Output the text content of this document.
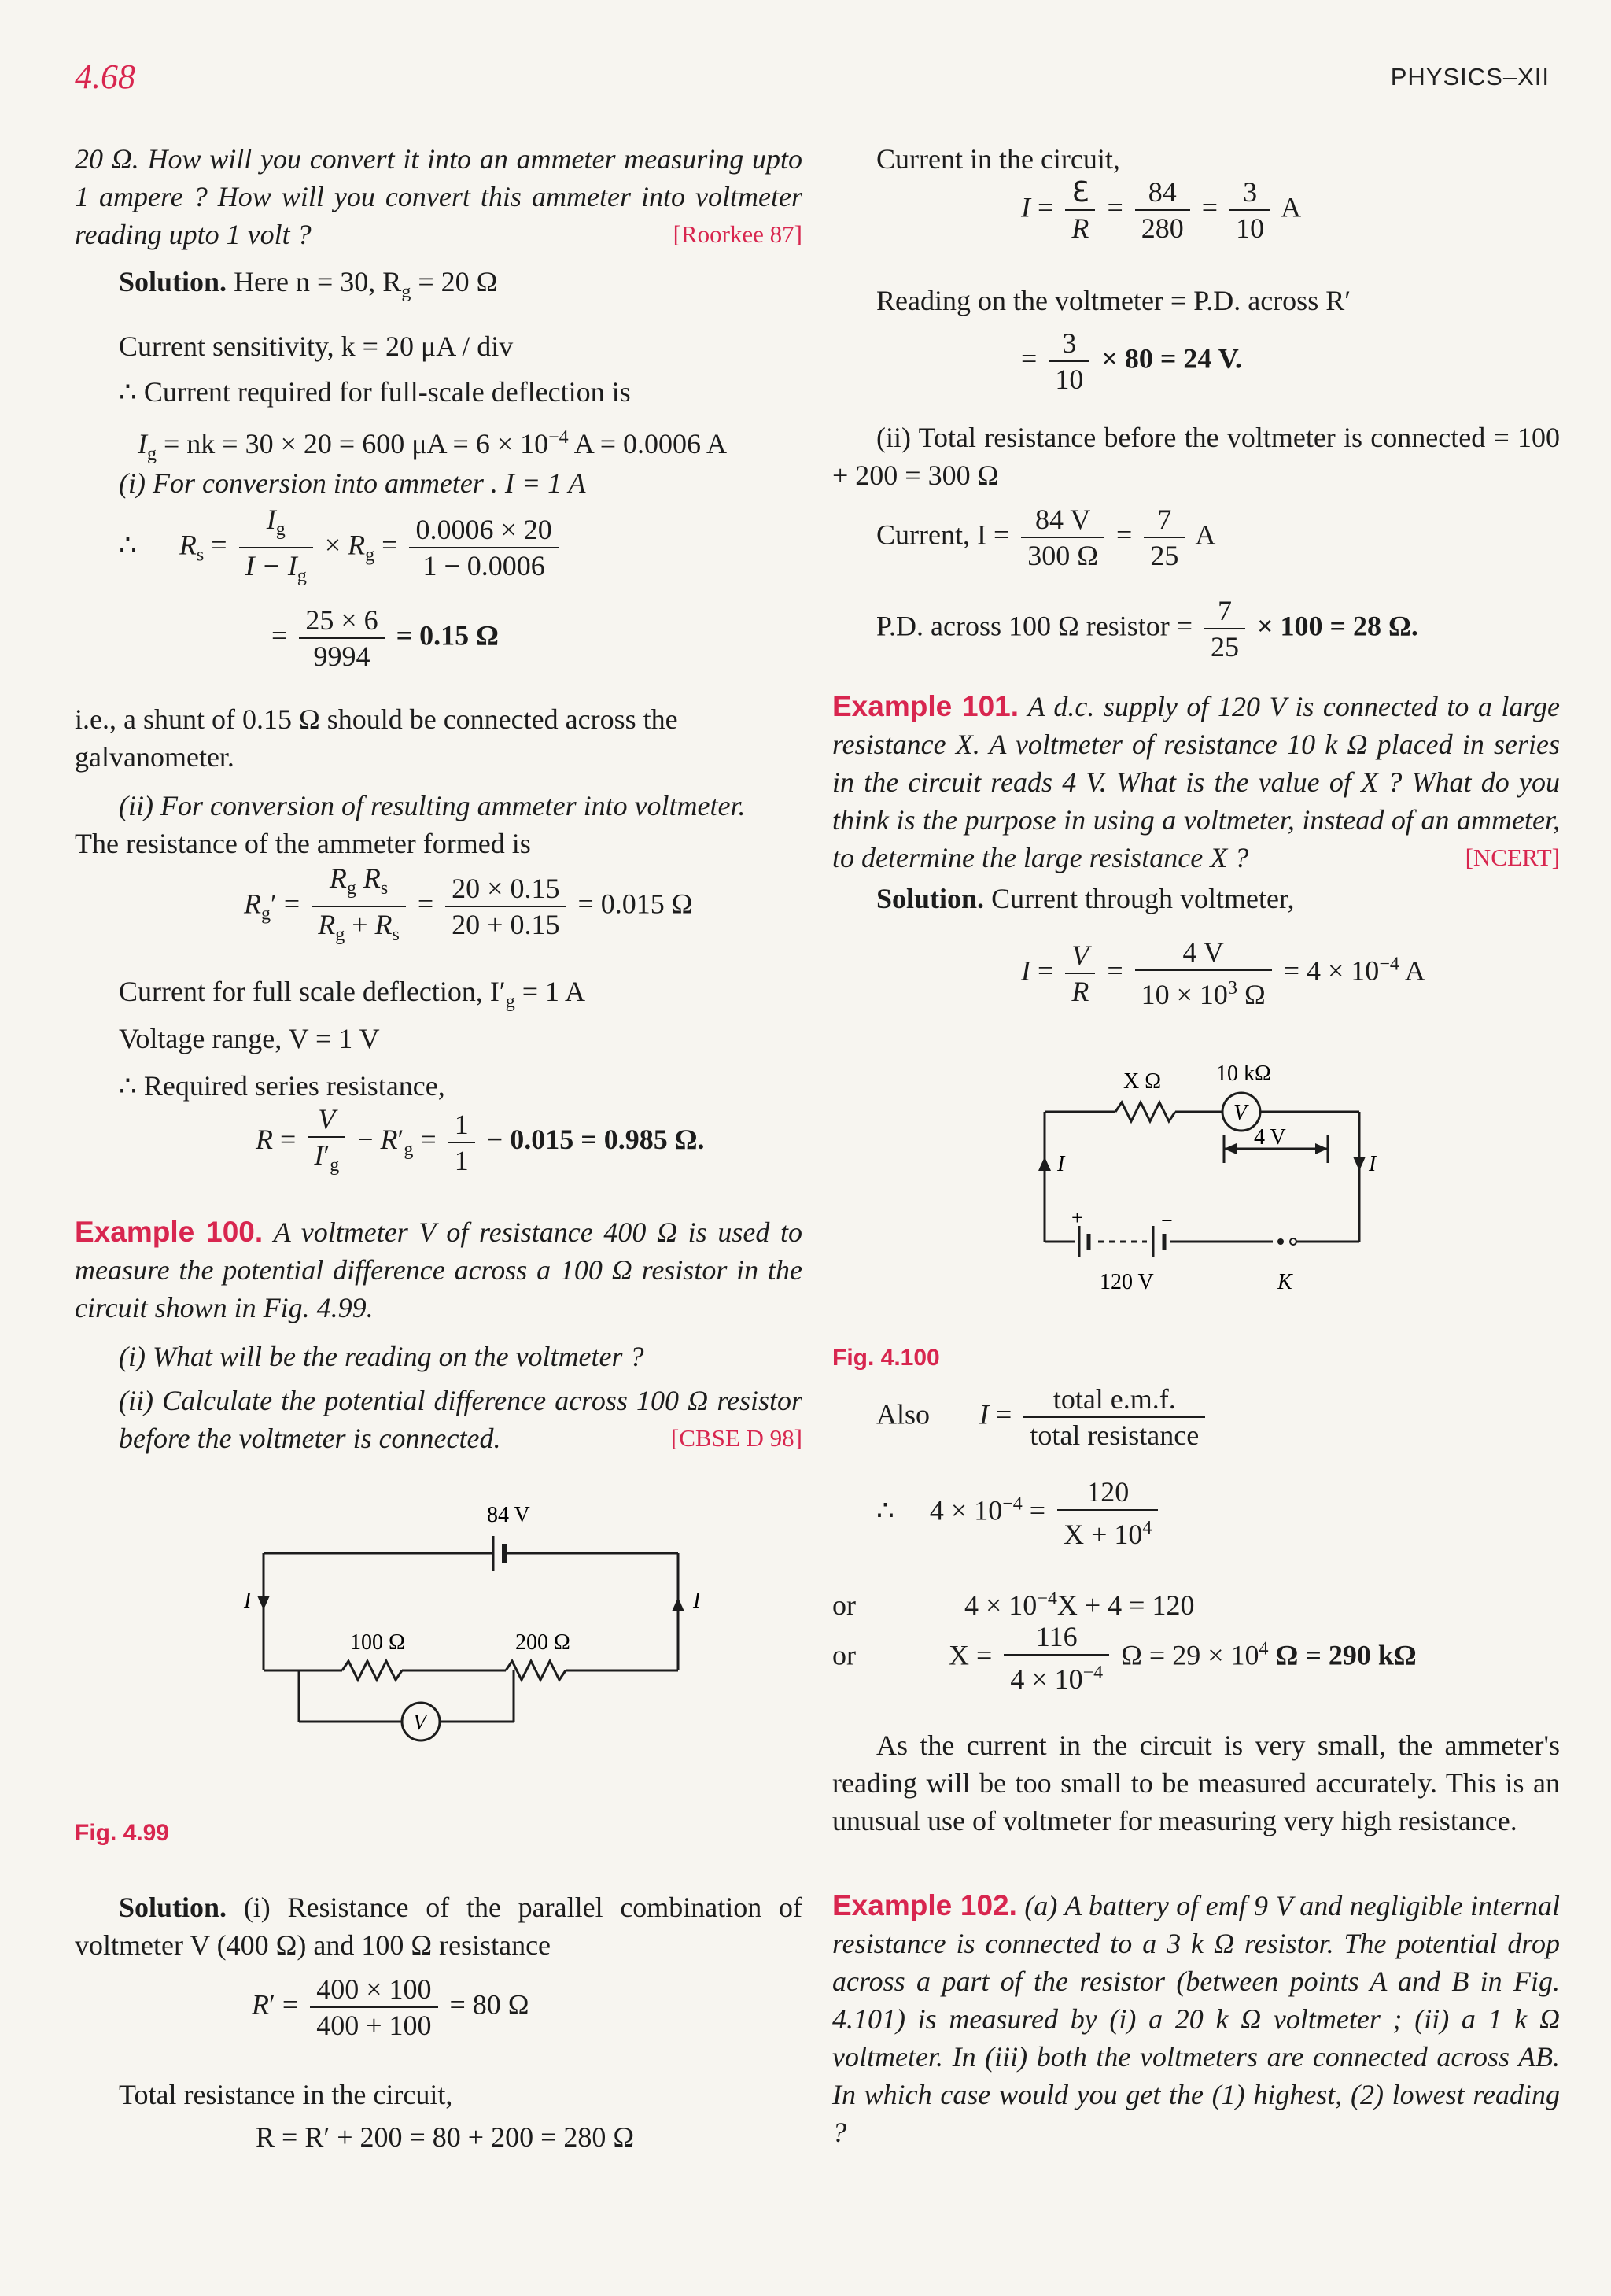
4.68	PHYSICS–XII

20 Ω. How will you convert it into an ammeter measuring upto 1 ampere ? How will you convert this ammeter into voltmeter reading upto 1 volt ?	[Roorkee 87]

Solution. Here n = 30, $R_g = 20$ Ω
Current sensitivity, k = 20 μA / div
∴ Current required for full-scale deflection is
$I_g$ = nk = 30 × 20 = 600 $\mu A = 6 \times 10^{-4}$ A = 0.0006 A
(i) For conversion into ammeter . I = 1 A
∴      $R_s = \frac{I_g}{I - I_g} \times R_g = \frac{0.0006 \times 20}{1 - 0.0006}$
= $\frac{25 \times 6}{9994} = 0.15$ Ω
i.e., a shunt of 0.15 Ω should be connected across the
galvanometer.
(ii) For conversion of resulting ammeter into voltmeter.
The resistance of the ammeter formed is
$R_g' = \frac{R_g R_s}{R_g + R_s} = \frac{20 \times 0.15}{20 + 0.15} = 0.015$ Ω
Current for full scale deflection, $I'_g = 1$ A
Voltage range, V = 1 V
∴ Required series resistance,
$R = \frac{V}{I'_g} - R'_g = \frac{1}{1} - 0.015 = 0.985$ Ω.

Example 100. A voltmeter V of resistance 400 Ω is used to measure the potential difference across a 100 Ω resistor in the circuit shown in Fig. 4.99.

(i) What will be the reading on the voltmeter ?

(ii) Calculate the potential difference across 100 Ω resistor before the voltmeter is connected.	[CBSE D 98]

84 V
I	I
100 Ω	200 Ω
V
Fig. 4.99

Solution. (i) Resistance of the parallel combination of voltmeter V (400 Ω) and 100 Ω resistance

$R' = \frac{400 \times 100}{400 + 100} = 80$ Ω
Total resistance in the circuit,
R = R′ + 200 = 80 + 200 = 280 Ω
Current in the circuit,
$I = \frac{\text{ℇ}}{R} = \frac{84}{280} = \frac{3}{10}$ A
Reading on the voltmeter = P.D. across R′
= $\frac{3}{10} \times 80 = 24$ V.

(ii) Total resistance before the voltmeter is connected = 100 + 200 = 300 Ω

Current, $I = \frac{84 V}{300 \Omega} = \frac{7}{25}$ A
P.D. across 100 Ω resistor = $\frac{7}{25} \times 100 = 28$ Ω.

Example 101. A d.c. supply of 120 V is connected to a large resistance X. A voltmeter of resistance 10 k Ω placed in series in the circuit reads 4 V. What is the value of X ? What do you think is the purpose in using a voltmeter, instead of an ammeter, to determine the large resistance X ?	[NCERT]

Solution. Current through voltmeter,
$I = \frac{V}{R} = \frac{4 V}{10 \times 10^3 \Omega} = 4 \times 10^{-4}$ A
X Ω 10 kΩ
V
4 V
I	I
+	−
120 V	K
Fig. 4.100
Also $I = \frac{\text{total e.m.f.}}{\text{total resistance}}$
∴     $4 \times 10^{-4} = \frac{120}{X + 10^4}$
or	$4 \times 10^{-4}X + 4 = 120$
or	$X = \frac{116}{4 \times 10^{-4}}$ $\Omega = 29 \times 10^4$ Ω = 290 kΩ

As the current in the circuit is very small, the ammeter's reading will be too small to be measured accurately. This is an unusual use of voltmeter for measuring very high resistance.

Example 102. (a) A battery of emf 9 V and negligible internal resistance is connected to a 3 k Ω resistor. The potential drop across a part of the resistor (between points A and B in Fig. 4.101) is measured by (i) a 20 k Ω voltmeter ; (ii) a 1 k Ω voltmeter. In (iii) both the voltmeters are connected across AB. In which case would you get the (1) highest, (2) lowest reading ?
